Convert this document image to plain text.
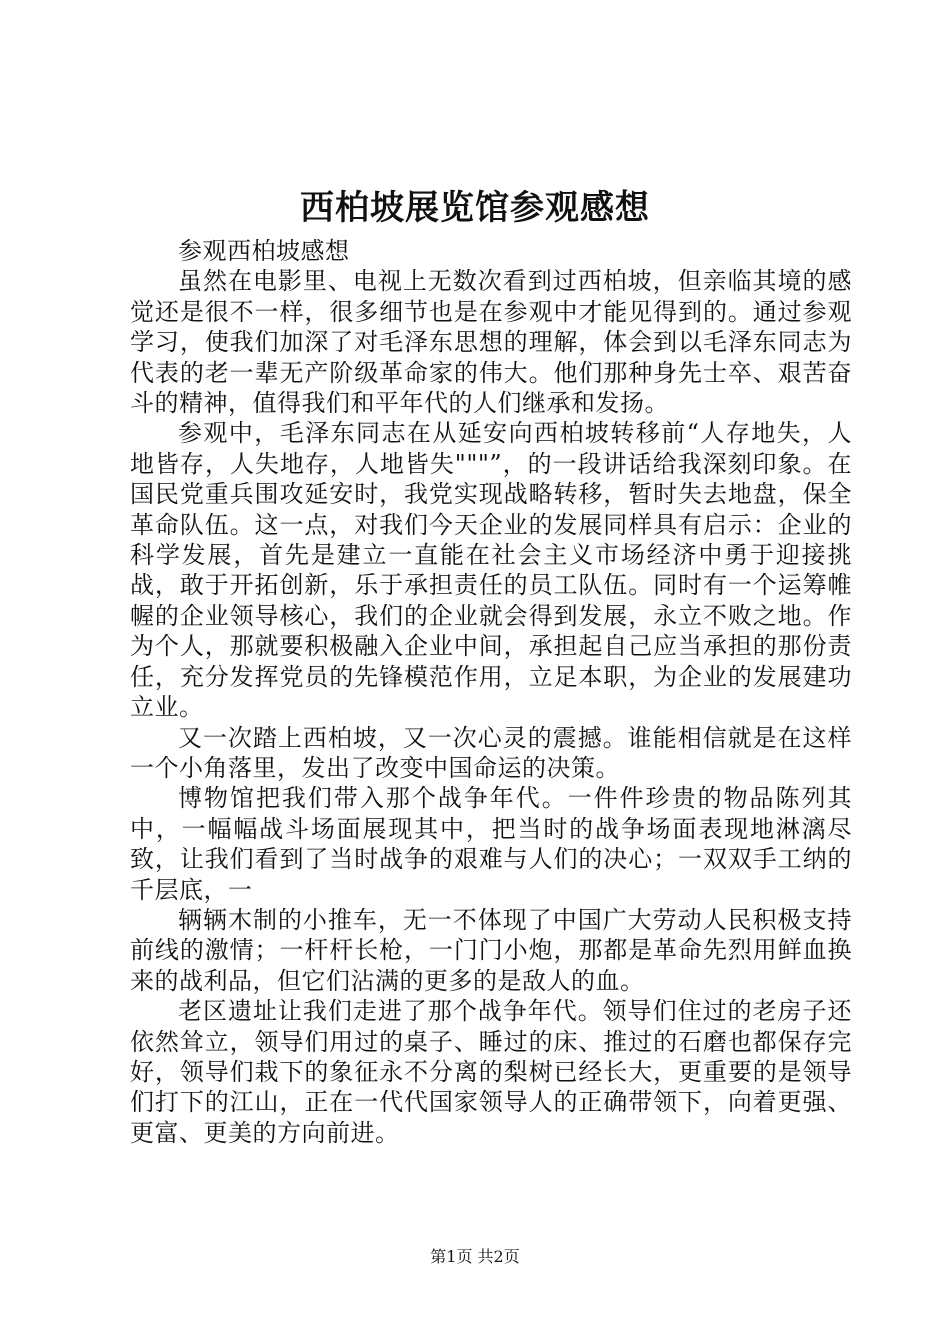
西柏坡展览馆参观感想

参观西柏坡感想

虽然在电影里、电视上无数次看到过西柏坡，但亲临其境的感觉还是很不一样，很多细节也是在参观中才能见得到的。通过参观学习，使我们加深了对毛泽东思想的理解，体会到以毛泽东同志为代表的老一辈无产阶级革命家的伟大。他们那种身先士卒、艰苦奋斗的精神，值得我们和平年代的人们继承和发扬。

参观中，毛泽东同志在从延安向西柏坡转移前“人存地失，人地皆存，人失地存，人地皆失"""”，的一段讲话给我深刻印象。在国民党重兵围攻延安时，我党实现战略转移，暂时失去地盘，保全革命队伍。这一点，对我们今天企业的发展同样具有启示：企业的科学发展，首先是建立一直能在社会主义市场经济中勇于迎接挑战，敢于开拓创新，乐于承担责任的员工队伍。同时有一个运筹帷幄的企业领导核心，我们的企业就会得到发展，永立不败之地。作为个人，那就要积极融入企业中间，承担起自己应当承担的那份责任，充分发挥党员的先锋模范作用，立足本职，为企业的发展建功立业。

又一次踏上西柏坡，又一次心灵的震撼。谁能相信就是在这样一个小角落里，发出了改变中国命运的决策。

博物馆把我们带入那个战争年代。一件件珍贵的物品陈列其中，一幅幅战斗场面展现其中，把当时的战争场面表现地淋漓尽致，让我们看到了当时战争的艰难与人们的决心；一双双手工纳的千层底，一

辆辆木制的小推车，无一不体现了中国广大劳动人民积极支持前线的激情；一杆杆长枪，一门门小炮，那都是革命先烈用鲜血换来的战利品，但它们沾满的更多的是敌人的血。

老区遗址让我们走进了那个战争年代。领导们住过的老房子还依然耸立，领导们用过的桌子、睡过的床、推过的石磨也都保存完好，领导们栽下的象征永不分离的梨树已经长大，更重要的是领导们打下的江山，正在一代代国家领导人的正确带领下，向着更强、更富、更美的方向前进。

第1页 共2页
